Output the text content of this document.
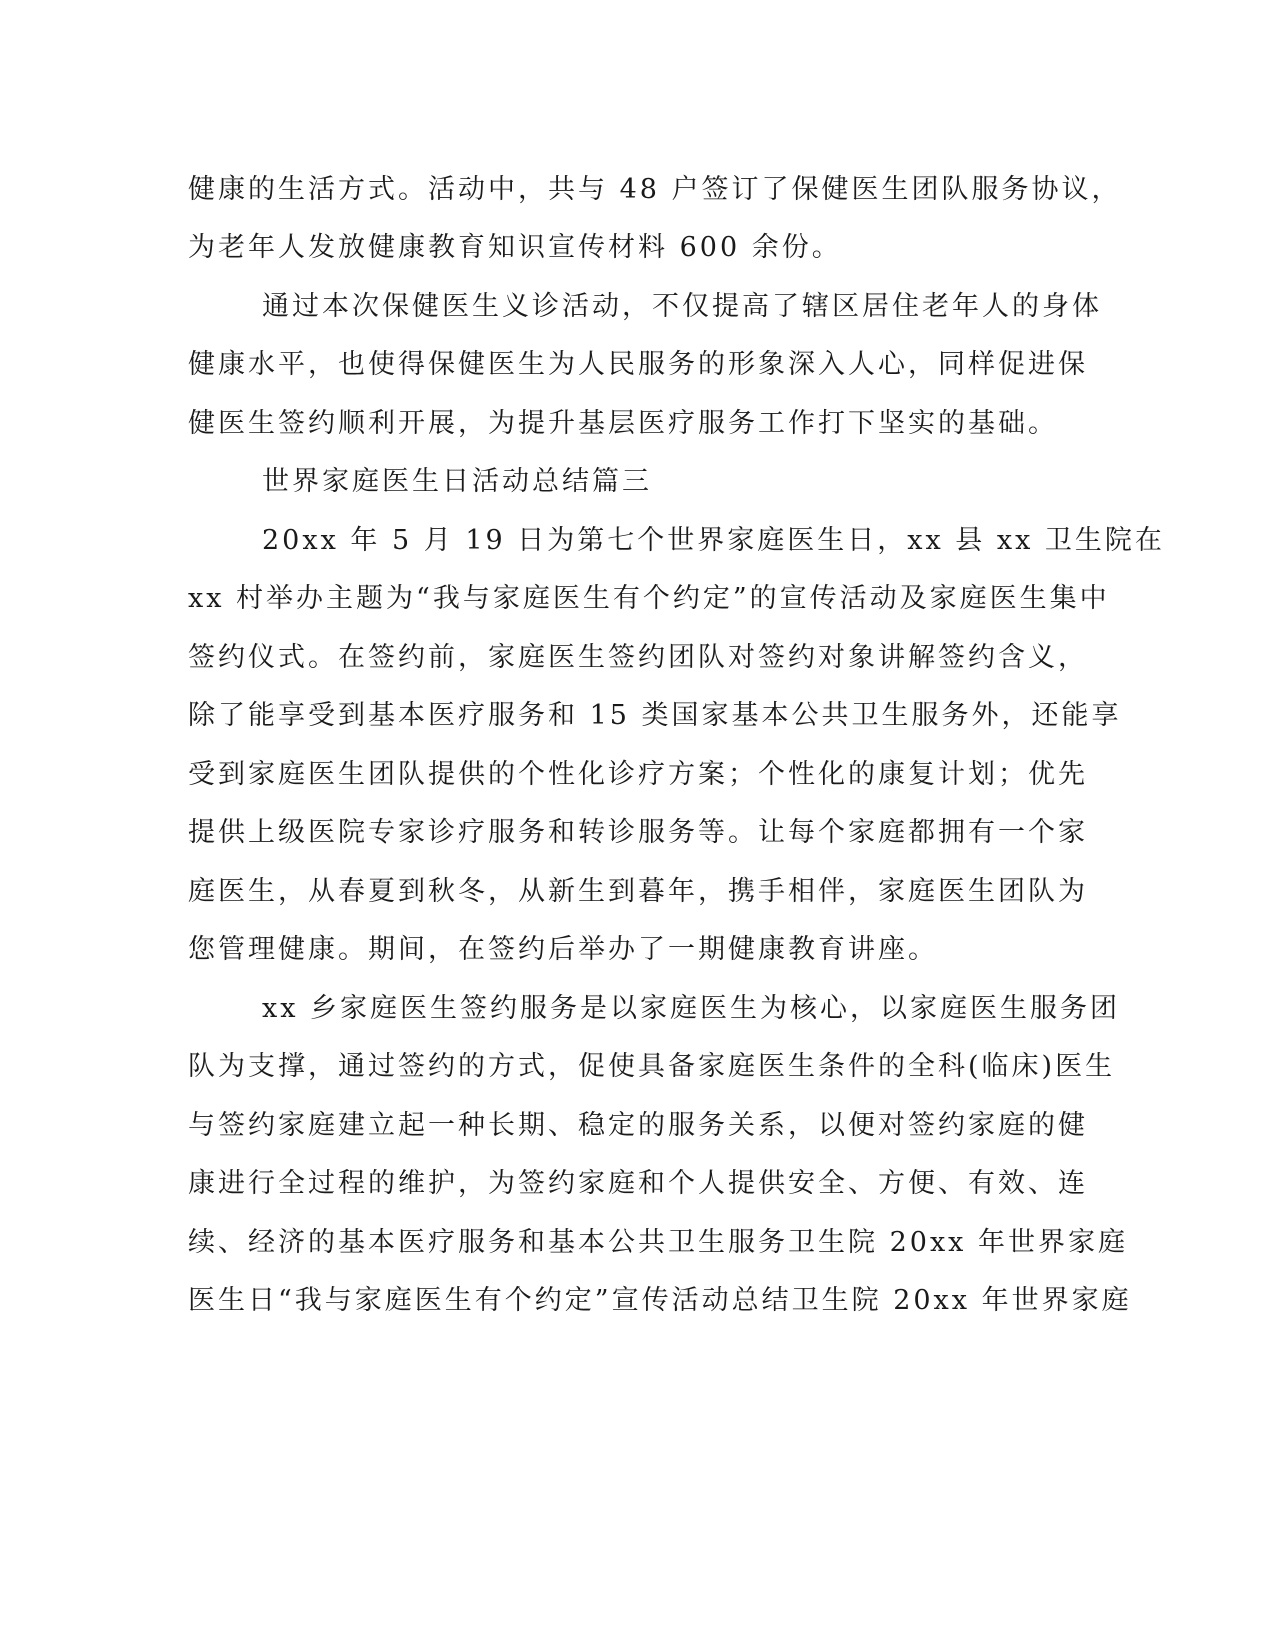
健康的生活方式。活动中，共与 48 户签订了保健医生团队服务协议，
为老年人发放健康教育知识宣传材料 600 余份。
通过本次保健医生义诊活动，不仅提高了辖区居住老年人的身体
健康水平，也使得保健医生为人民服务的形象深入人心，同样促进保
健医生签约顺利开展，为提升基层医疗服务工作打下坚实的基础。
世界家庭医生日活动总结篇三
20xx 年 5 月 19 日为第七个世界家庭医生日，xx 县 xx 卫生院在
xx 村举办主题为“我与家庭医生有个约定”的宣传活动及家庭医生集中
签约仪式。在签约前，家庭医生签约团队对签约对象讲解签约含义，
除了能享受到基本医疗服务和 15 类国家基本公共卫生服务外，还能享
受到家庭医生团队提供的个性化诊疗方案；个性化的康复计划；优先
提供上级医院专家诊疗服务和转诊服务等。让每个家庭都拥有一个家
庭医生，从春夏到秋冬，从新生到暮年，携手相伴，家庭医生团队为
您管理健康。期间，在签约后举办了一期健康教育讲座。
xx 乡家庭医生签约服务是以家庭医生为核心，以家庭医生服务团
队为支撑，通过签约的方式，促使具备家庭医生条件的全科(临床)医生
与签约家庭建立起一种长期、稳定的服务关系，以便对签约家庭的健
康进行全过程的维护，为签约家庭和个人提供安全、方便、有效、连
续、经济的基本医疗服务和基本公共卫生服务卫生院 20xx 年世界家庭
医生日“我与家庭医生有个约定”宣传活动总结卫生院 20xx 年世界家庭
